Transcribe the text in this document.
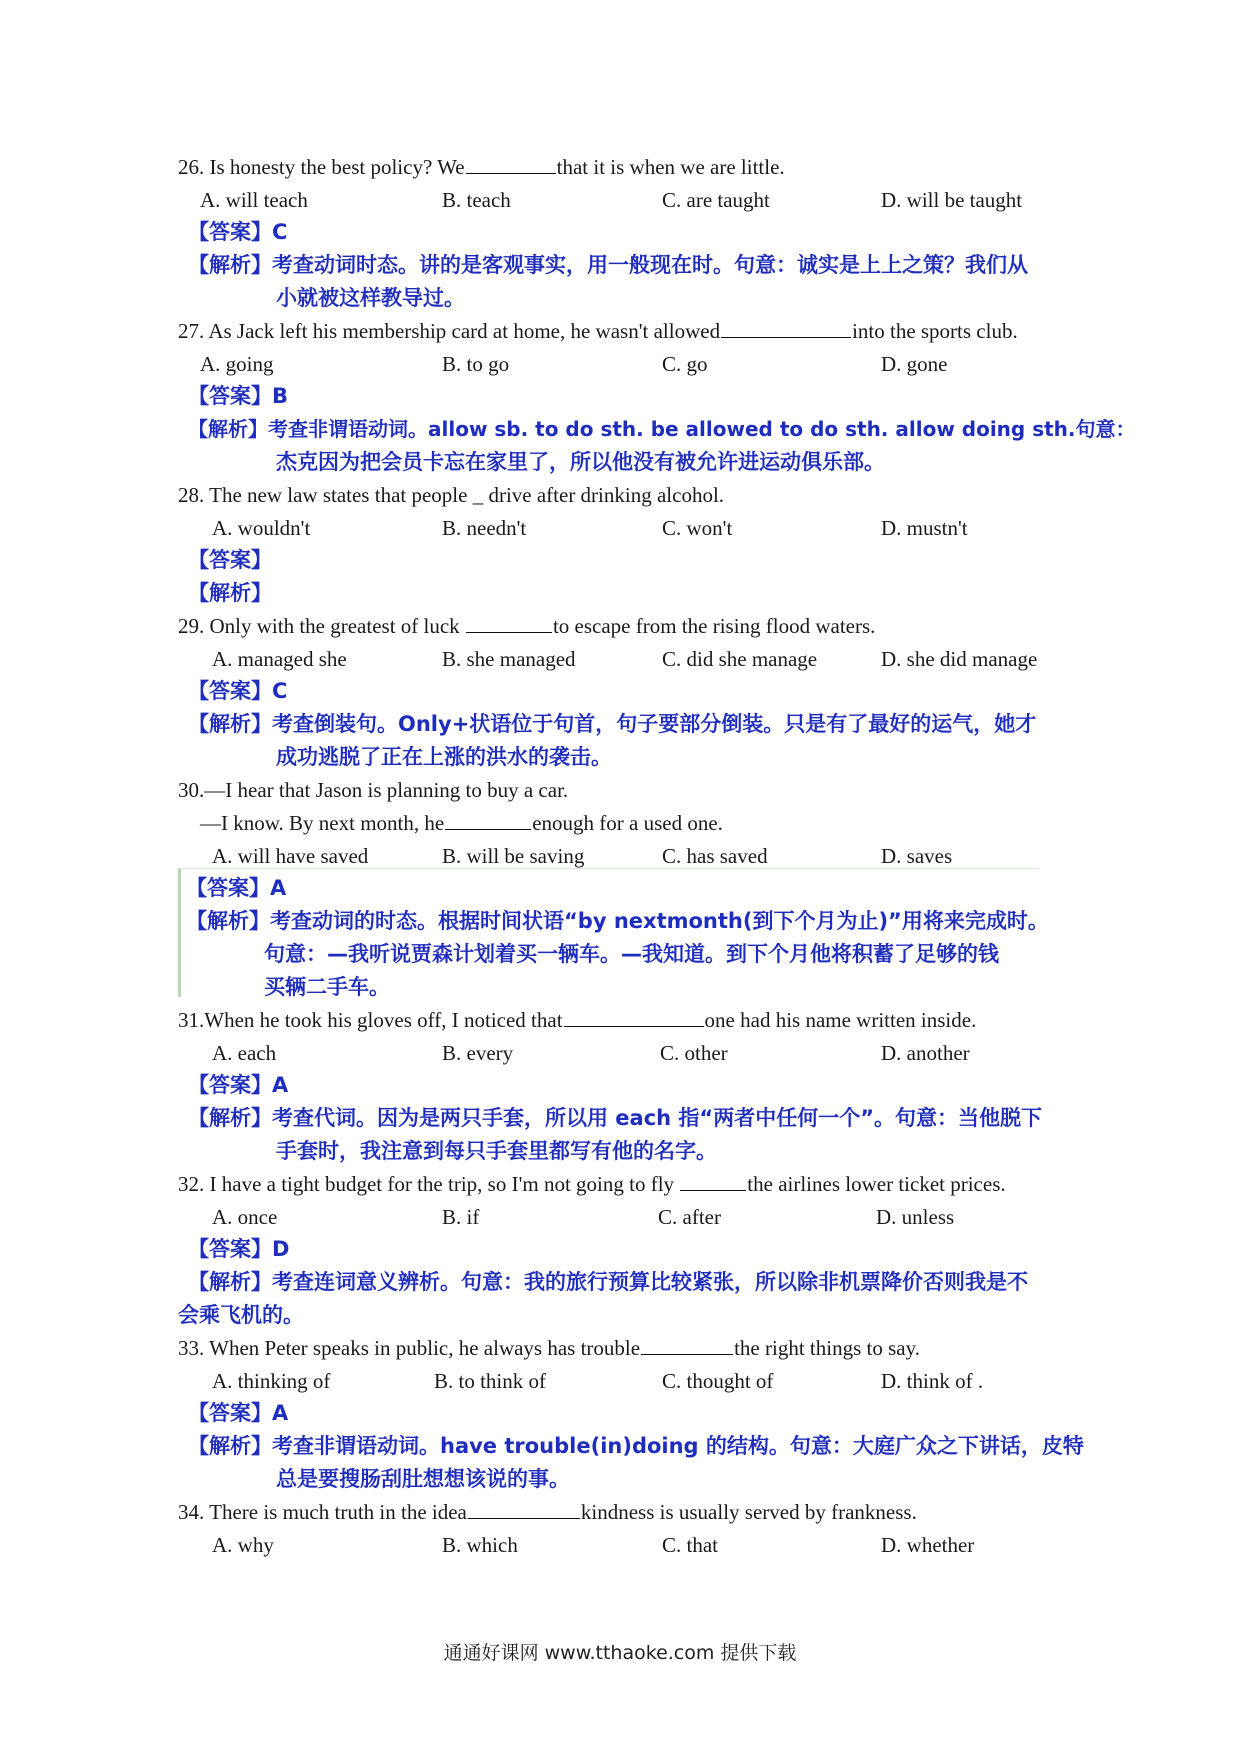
26. Is honesty the best policy? We	that it is when we are little.
A. will teach	B. teach	C. are taught	D. will be taught
【答案】C
【解析】考查动词时态。讲的是客观事实，用一般现在时。句意：诚实是上上之策？我们从
小就被这样教导过。
27. As Jack left his membership card at home, he wasn't allowed	into the sports club.
A. going	B. to go	C. go	D. gone
【答案】B
【解析】考查非谓语动词。allow sb. to do sth. be allowed to do sth. allow doing sth.句意：
杰克因为把会员卡忘在家里了，所以他没有被允许进运动俱乐部。
28. The new law states that people _ drive after drinking alcohol.
A. wouldn't	B. needn't	C. won't	D. mustn't
【答案】
【解析】
29. Only with the greatest of luck	to escape from the rising flood waters.
A. managed she	B. she managed	C. did she manage	D. she did manage
【答案】C
【解析】考查倒装句。Only+状语位于句首，句子要部分倒装。只是有了最好的运气，她才
成功逃脱了正在上涨的洪水的袭击。
30.—I hear that Jason is planning to buy a car.
—I know. By next month, he	enough for a used one.
A. will have saved	B. will be saving	C. has saved	D. saves
【答案】A
【解析】考查动词的时态。根据时间状语“by nextmonth(到下个月为止)”用将来完成时。
句意：—我听说贾森计划着买一辆车。—我知道。到下个月他将积蓄了足够的钱
买辆二手车。
31.When he took his gloves off, I noticed that	one had his name written inside.
A. each	B. every	C. other	D. another
【答案】A
【解析】考查代词。因为是两只手套，所以用 each 指“两者中任何一个”。句意：当他脱下
手套时，我注意到每只手套里都写有他的名字。
32. I have a tight budget for the trip, so I'm not going to fly	the airlines lower ticket prices.
A. once	B. if	C. after	D. unless
【答案】D
【解析】考查连词意义辨析。句意：我的旅行预算比较紧张，所以除非机票降价否则我是不
会乘飞机的。
33. When Peter speaks in public, he always has trouble	the right things to say.
A. thinking of	B. to think of	C. thought of	D. think of .
【答案】A
【解析】考查非谓语动词。have trouble(in)doing 的结构。句意：大庭广众之下讲话，皮特
总是要搜肠刮肚想想该说的事。
34. There is much truth in the idea	kindness is usually served by frankness.
A. why	B. which	C. that	D. whether
通通好课网 www.tthaoke.com 提供下载
